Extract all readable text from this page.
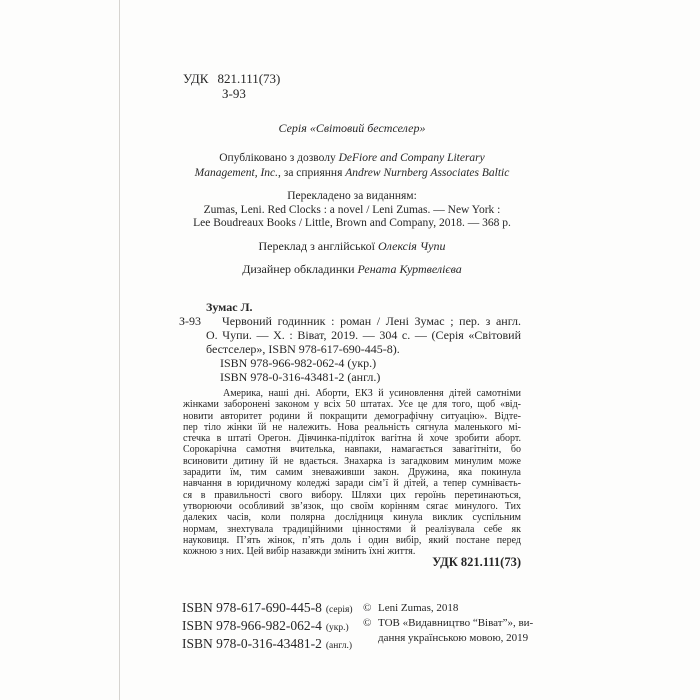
УДК 821.111(73)
З-93
Серія «Світовий бестселер»
Опубліковано з дозволу DeFiore and Company Literary
Management, Inc., за сприяння Andrew Nurnberg Associates Baltic
Перекладено за виданням:
Zumas, Leni. Red Clocks : a novel / Leni Zumas. — New York :
Lee Boudreaux Books / Little, Brown and Company, 2018. — 368 p.
Переклад з англійської Олексія Чупи
Дизайнер обкладинки Рената Куртвелієва
Зумас Л.
З-93 Червоний годинник : роман / Лені Зумас ; пер. з англ.
О. Чупи. — Х. : Віват, 2019. — 304 с. — (Серія «Світовий
бестселер», ISBN 978-617-690-445-8).
ISBN 978-966-982-062-4 (укр.)
ISBN 978-0-316-43481-2 (англ.)
Америка, наші дні. Аборти, ЕКЗ й усиновлення дітей самотніми
жінками заборонені законом у всіх 50 штатах. Усе це для того, щоб «від-
новити авторитет родини й покращити демографічну ситуацію». Відте-
пер тіло жінки їй не належить. Нова реальність сягнула маленького мі-
стечка в штаті Орегон. Дівчинка-підліток вагітна й хоче зробити аборт.
Сорокарічна самотня вчителька, навпаки, намагається завагітніти, бо
всиновити дитину їй не вдається. Знахарка із загадковим минулим може
зарадити їм, тим самим зневаживши закон. Дружина, яка покинула
навчання в юридичному коледжі заради сім’ї й дітей, а тепер сумніваєть-
ся в правильності свого вибору. Шляхи цих героїнь перетинаються,
утворюючи особливий зв’язок, що своїм корінням сягає минулого. Тих
далеких часів, коли полярна дослідниця кинула виклик суспільним
нормам, знехтувала традиційними цінностями й реалізувала себе як
науковиця. П’ять жінок, п’ять доль і один вибір, який постане перед
кожною з них. Цей вибір назавжди змінить їхні життя.
УДК 821.111(73)
ISBN 978-617-690-445-8 (серія)
ISBN 978-966-982-062-4 (укр.)
ISBN 978-0-316-43481-2 (англ.)
© Leni Zumas, 2018
© ТОВ «Видавництво “Віват”», ви-
дання українською мовою, 2019
